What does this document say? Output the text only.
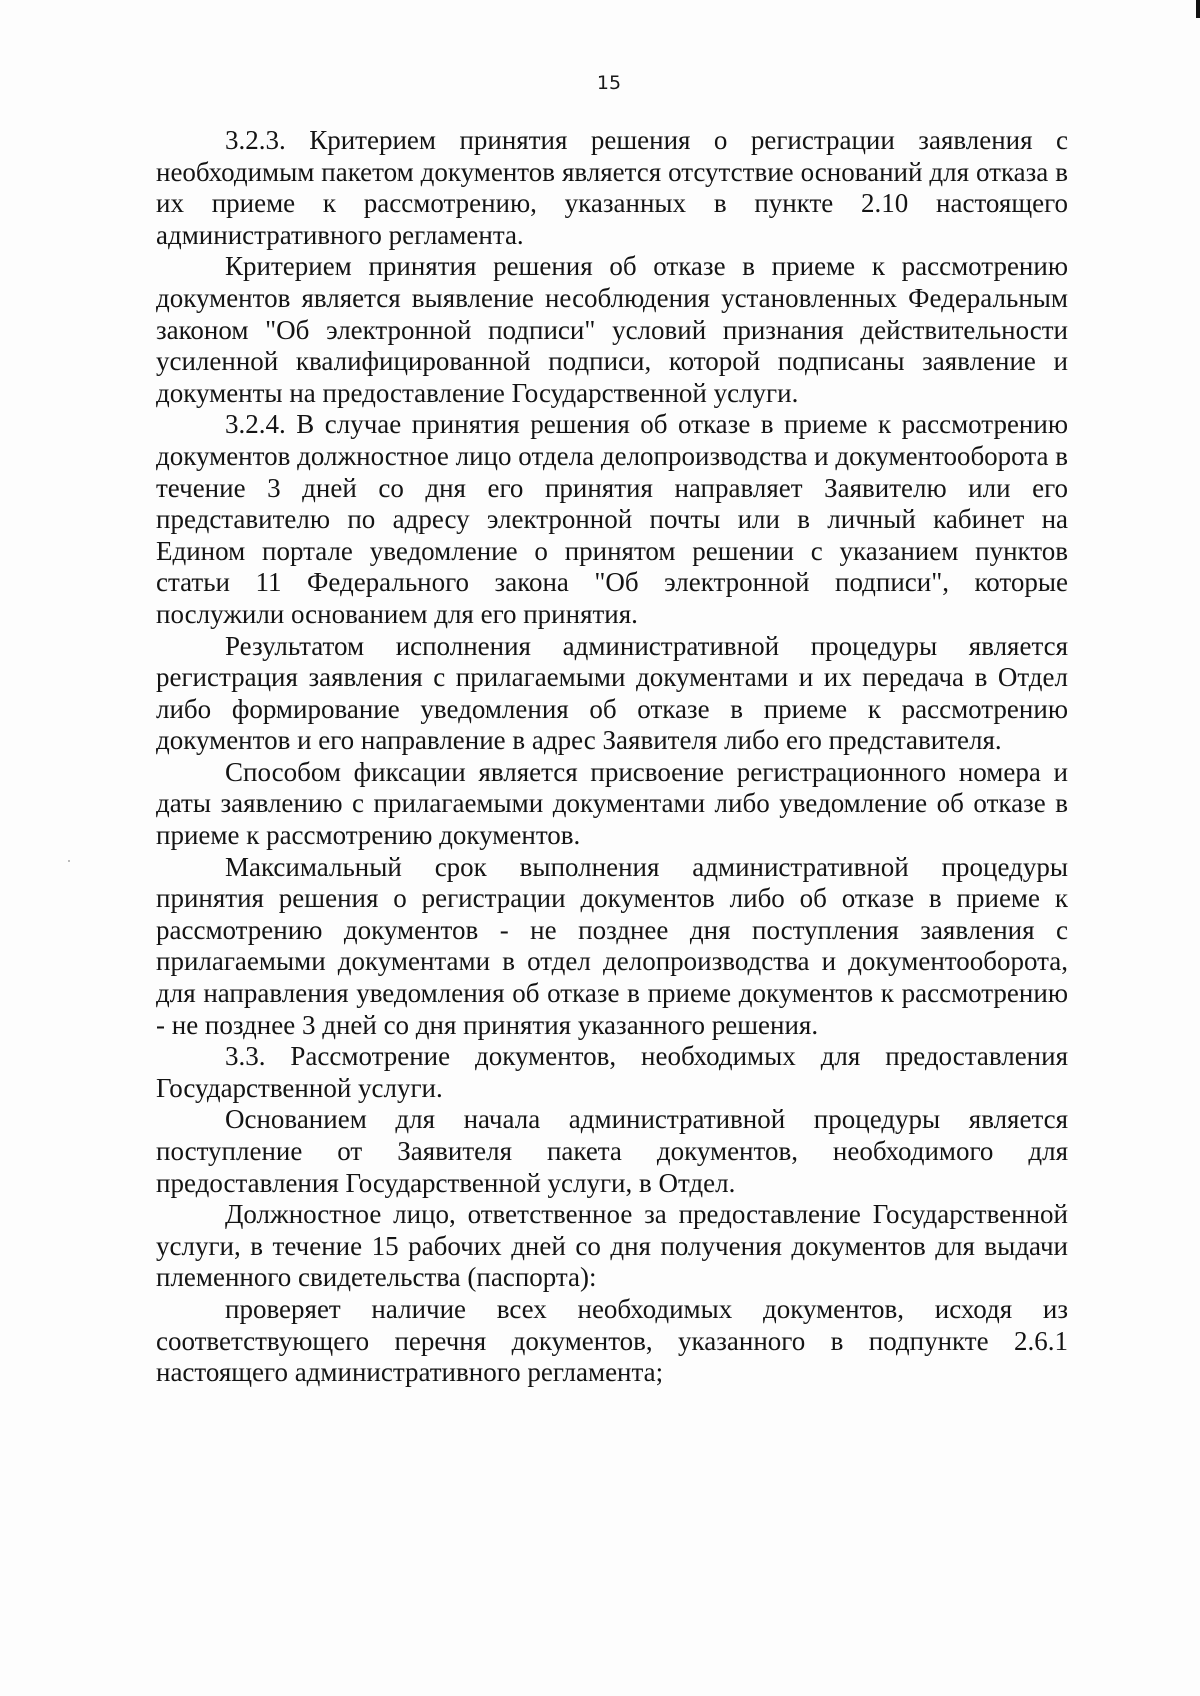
15

3.2.3. Критерием принятия решения о регистрации заявления с необходимым пакетом документов является отсутствие оснований для отказа в их приеме к рассмотрению, указанных в пункте 2.10 настоящего административного регламента.

Критерием принятия решения об отказе в приеме к рассмотрению документов является выявление несоблюдения установленных Федеральным законом "Об электронной подписи" условий признания действительности усиленной квалифицированной подписи, которой подписаны заявление и документы на предоставление Государственной услуги.

3.2.4. В случае принятия решения об отказе в приеме к рассмотрению документов должностное лицо отдела делопроизводства и документооборота в течение 3 дней со дня его принятия направляет Заявителю или его представителю по адресу электронной почты или в личный кабинет на Едином портале уведомление о принятом решении с указанием пунктов статьи 11 Федерального закона "Об электронной подписи", которые послужили основанием для его принятия.

Результатом исполнения административной процедуры является регистрация заявления с прилагаемыми документами и их передача в Отдел либо формирование уведомления об отказе в приеме к рассмотрению документов и его направление в адрес Заявителя либо его представителя.

Способом фиксации является присвоение регистрационного номера и даты заявлению с прилагаемыми документами либо уведомление об отказе в приеме к рассмотрению документов.

Максимальный срок выполнения административной процедуры принятия решения о регистрации документов либо об отказе в приеме к рассмотрению документов - не позднее дня поступления заявления с прилагаемыми документами в отдел делопроизводства и документооборота, для направления уведомления об отказе в приеме документов к рассмотрению - не позднее 3 дней со дня принятия указанного решения.

3.3. Рассмотрение документов, необходимых для предоставления Государственной услуги.

Основанием для начала административной процедуры является поступление от Заявителя пакета документов, необходимого для предоставления Государственной услуги, в Отдел.

Должностное лицо, ответственное за предоставление Государственной услуги, в течение 15 рабочих дней со дня получения документов для выдачи племенного свидетельства (паспорта):

проверяет наличие всех необходимых документов, исходя из соответствующего перечня документов, указанного в подпункте 2.6.1 настоящего административного регламента;
